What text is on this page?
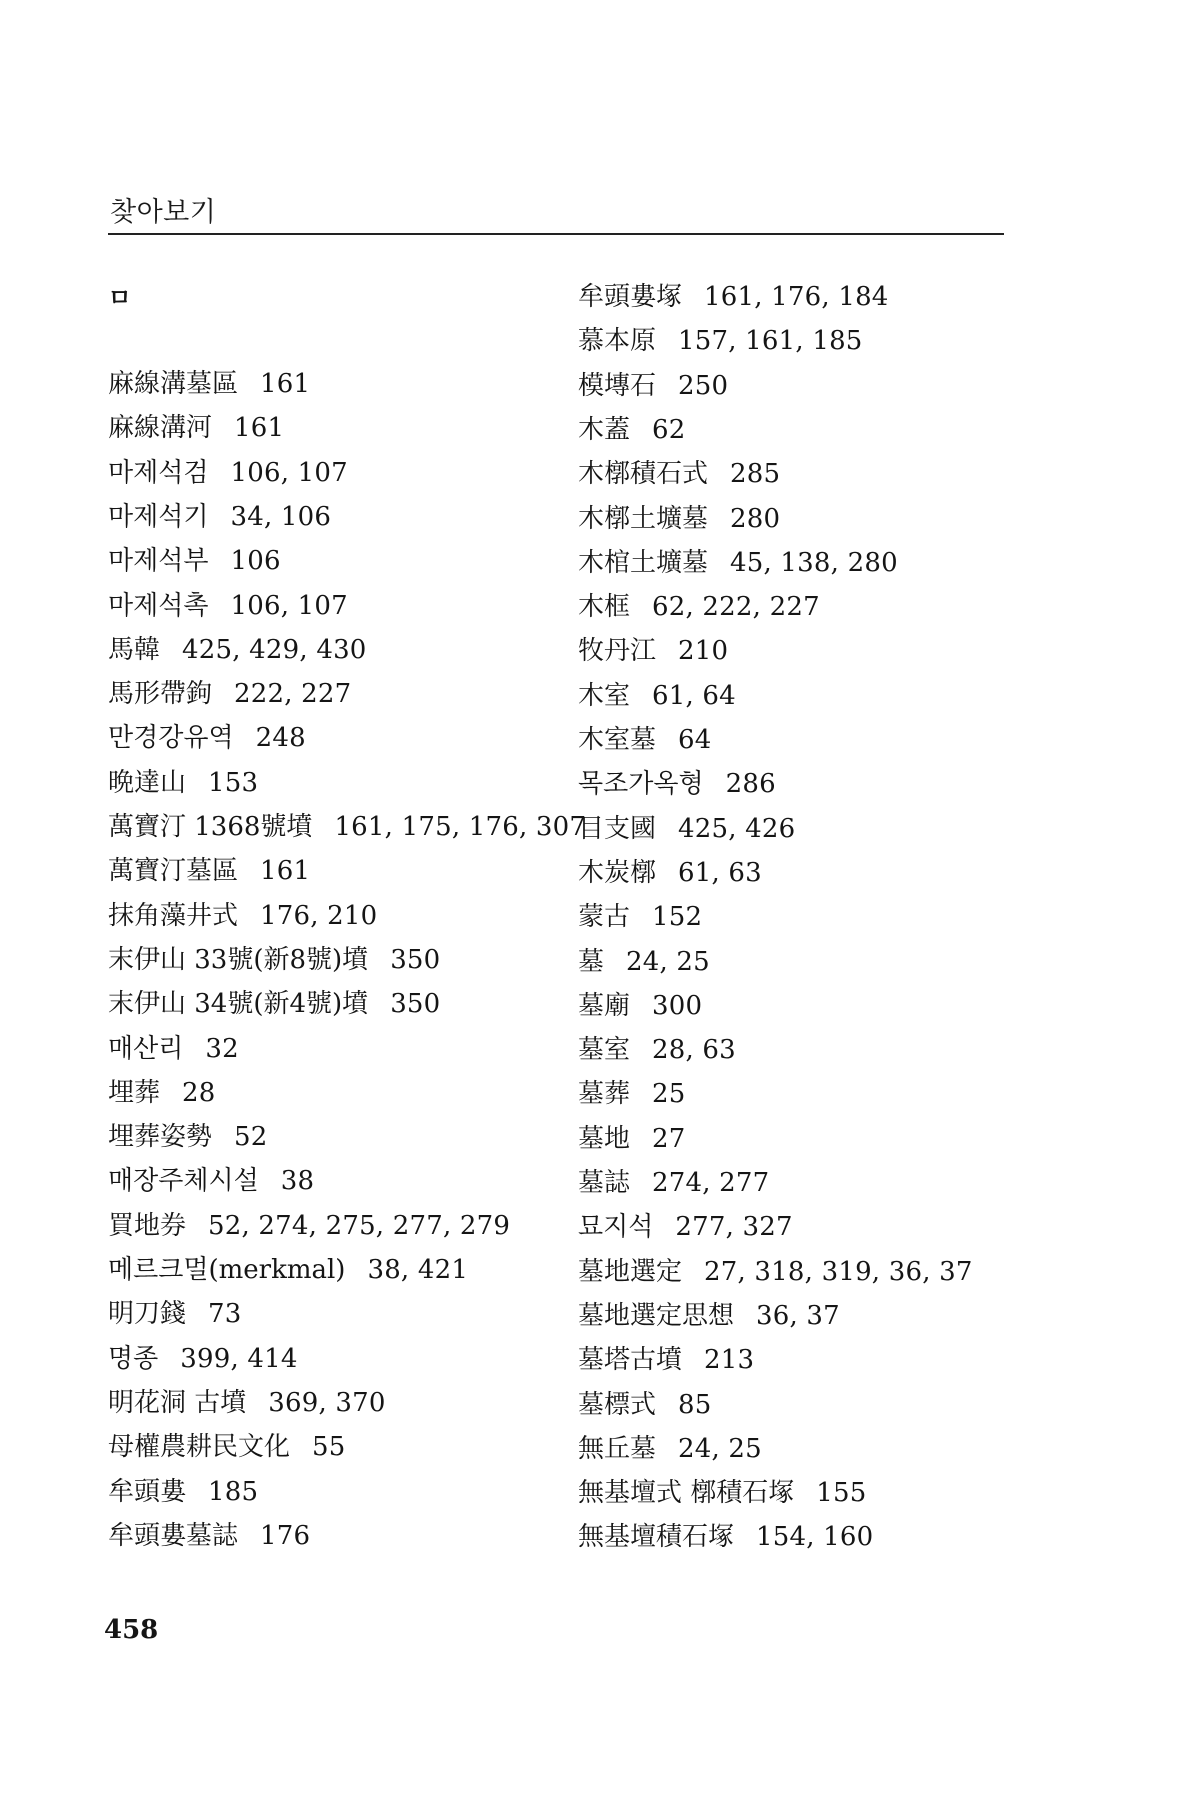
찾아보기
ㅁ
麻線溝墓區 161
麻線溝河 161
마제석검 106, 107
마제석기 34, 106
마제석부 106
마제석촉 106, 107
馬韓 425, 429, 430
馬形帶鉤 222, 227
만경강유역 248
晩達山 153
萬寶汀 1368號墳 161, 175, 176, 307
萬寶汀墓區 161
抹角藻井式 176, 210
末伊山 33號(新8號)墳 350
末伊山 34號(新4號)墳 350
매산리 32
埋葬 28
埋葬姿勢 52
매장주체시설 38
買地券 52, 274, 275, 277, 279
메르크멀(merkmal) 38, 421
明刀錢 73
명종 399, 414
明花洞 古墳 369, 370
母權農耕民文化 55
牟頭婁 185
牟頭婁墓誌 176
牟頭婁塚 161, 176, 184
慕本原 157, 161, 185
模塼石 250
木蓋 62
木槨積石式 285
木槨土壙墓 280
木棺土壙墓 45, 138, 280
木框 62, 222, 227
牧丹江 210
木室 61, 64
木室墓 64
목조가옥형 286
目支國 425, 426
木炭槨 61, 63
蒙古 152
墓 24, 25
墓廟 300
墓室 28, 63
墓葬 25
墓地 27
墓誌 274, 277
묘지석 277, 327
墓地選定 27, 318, 319, 36, 37
墓地選定思想 36, 37
墓塔古墳 213
墓標式 85
無丘墓 24, 25
無基壇式 槨積石塚 155
無基壇積石塚 154, 160
458
